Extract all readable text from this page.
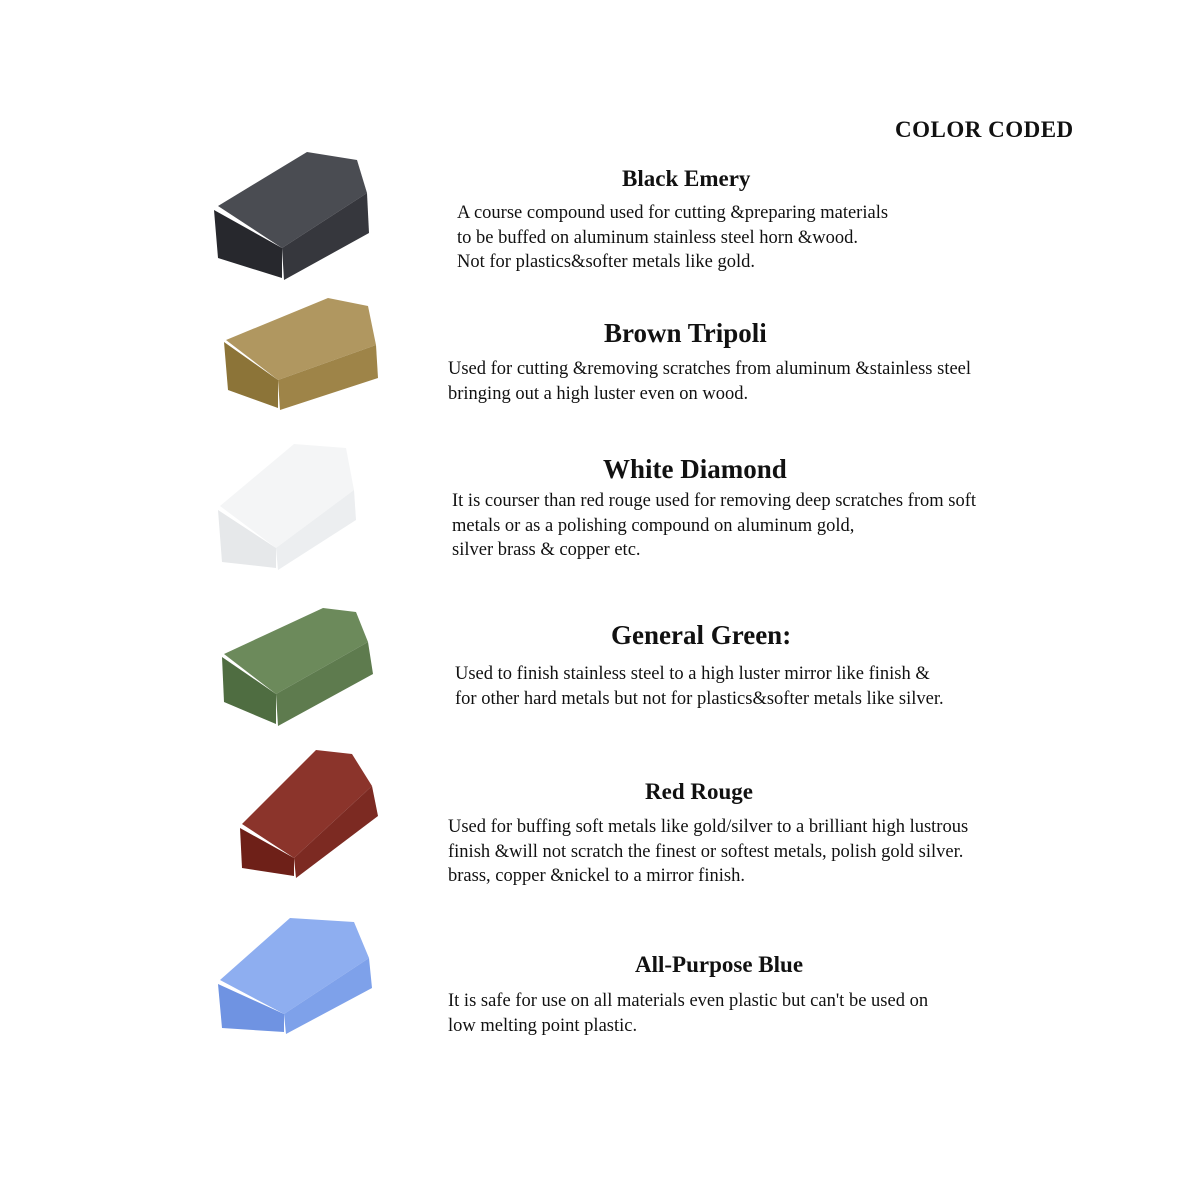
COLOR CODED
Black Emery
A course compound used for cutting &preparing materials
to be buffed on aluminum stainless steel horn &wood.
Not for plastics&softer metals like gold.
Brown Tripoli
Used for cutting &removing scratches from aluminum &stainless steel
bringing out a high luster even on wood.
White Diamond
It is courser than red rouge used for removing deep scratches from soft
metals or as a polishing compound on aluminum gold,
silver brass & copper etc.
General Green:
Used to finish stainless steel to a high luster mirror like finish &
for other hard metals but not for plastics&softer metals like silver.
Red Rouge
Used for buffing soft metals like gold/silver to a brilliant high lustrous
finish &will not scratch the finest or softest metals, polish gold silver.
brass, copper &nickel to a mirror finish.
All-Purpose Blue
It is safe for use on all materials even plastic but can't be used on
low melting point plastic.
